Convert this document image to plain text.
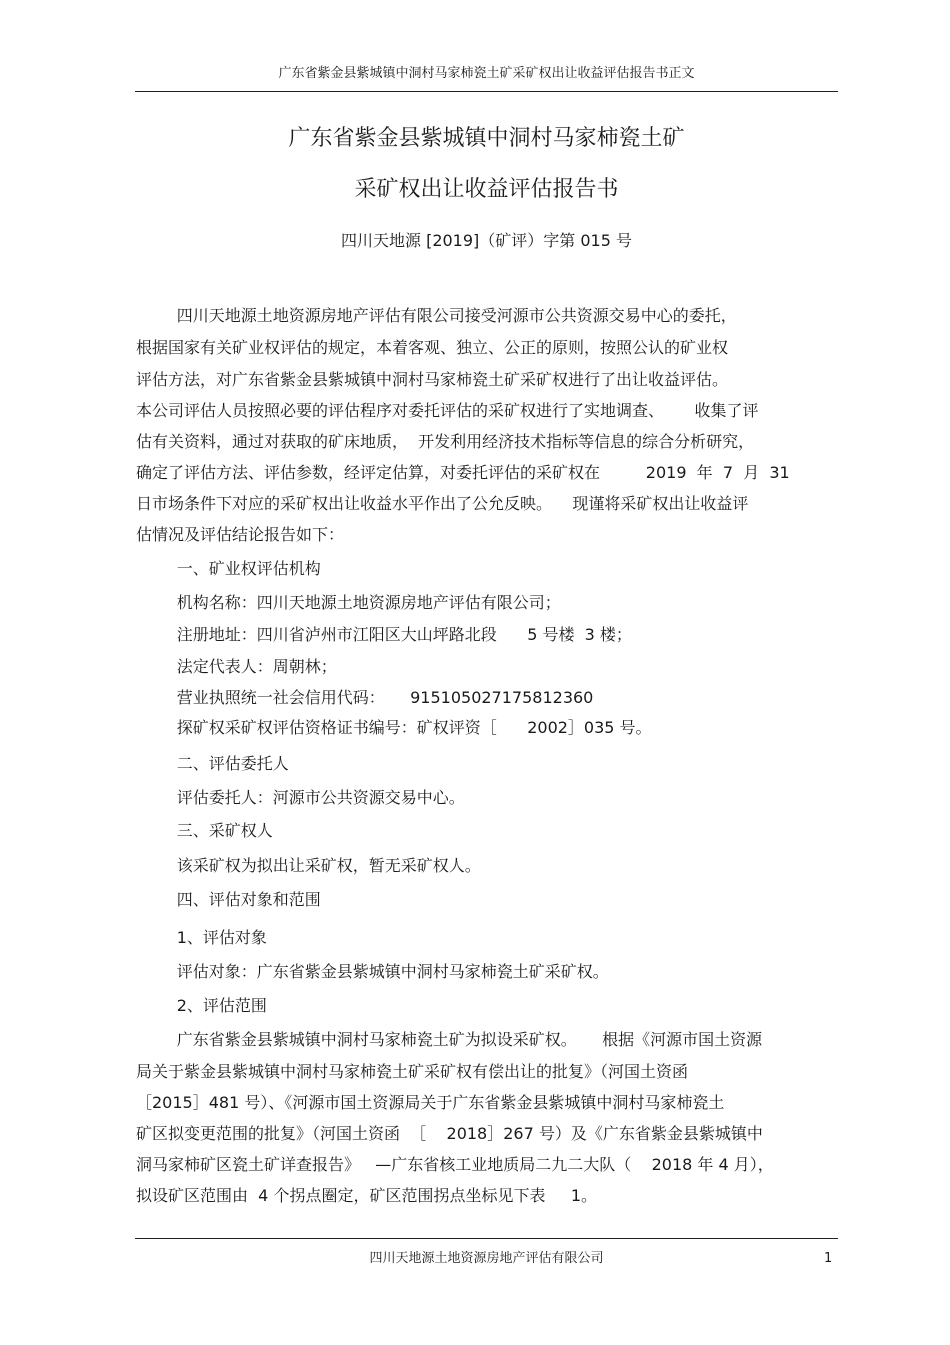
广东省紫金县紫城镇中洞村马家柿瓷土矿采矿权出让收益评估报告书正文
广东省紫金县紫城镇中洞村马家柿瓷土矿
采矿权出让收益评估报告书
四川天地源 [2019]（矿评）字第 015 号
四川天地源土地资源房地产评估有限公司接受河源市公共资源交易中心的委托，
根据国家有关矿业权评估的规定，本着客观、独立、公正的原则，按照公认的矿业权
评估方法，对广东省紫金县紫城镇中洞村马家柿瓷土矿采矿权进行了出让收益评估。
本公司评估人员按照必要的评估程序对委托评估的采矿权进行了实地调查、      收集了评
估有关资料，通过对获取的矿床地质，  开发利用经济技术指标等信息的综合分析研究，
确定了评估方法、评估参数，经评定估算，对委托评估的采矿权在         2019  年  7  月  31
日市场条件下对应的采矿权出让收益水平作出了公允反映。    现谨将采矿权出让收益评
估情况及评估结论报告如下：
一、矿业权评估机构
机构名称：四川天地源土地资源房地产评估有限公司；
注册地址：四川省泸州市江阳区大山坪路北段      5 号楼  3 楼；
法定代表人：周朝林；
营业执照统一社会信用代码：     915105027175812360
探矿权采矿权评估资格证书编号：矿权评资［      2002］035 号。
二、评估委托人
评估委托人：河源市公共资源交易中心。
三、采矿权人
该采矿权为拟出让采矿权，暂无采矿权人。
四、评估对象和范围
1、评估对象
评估对象：广东省紫金县紫城镇中洞村马家柿瓷土矿采矿权。
2、评估范围
广东省紫金县紫城镇中洞村马家柿瓷土矿为拟设采矿权。     根据《河源市国土资源
局关于紫金县紫城镇中洞村马家柿瓷土矿采矿权有偿出让的批复》（河国土资函
［2015］481 号）、《河源市国土资源局关于广东省紫金县紫城镇中洞村马家柿瓷土
矿区拟变更范围的批复》（河国土资函  ［    2018］267 号）及《广东省紫金县紫城镇中
洞马家柿矿区瓷土矿详查报告》   —广东省核工业地质局二九二大队（    2018 年 4 月），
拟设矿区范围由  4 个拐点圈定，矿区范围拐点坐标见下表     1。
四川天地源土地资源房地产评估有限公司	1
